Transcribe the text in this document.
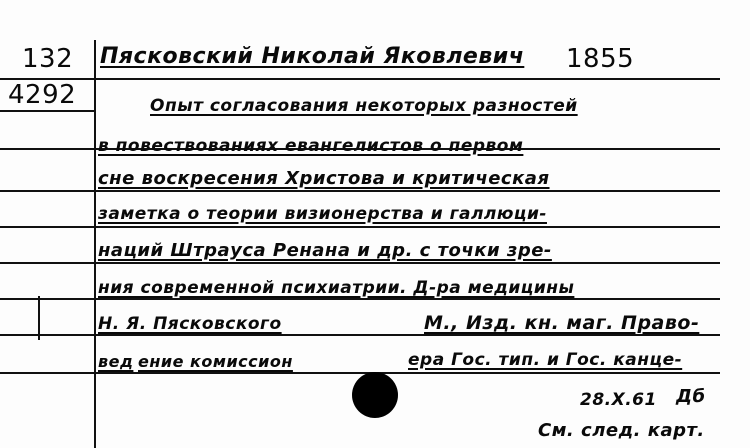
132
4292
Пясковский Николай Яковлевич 1855
Опыт согласования некоторых разностей
в повествованиях евангелистов о первом
сне воскресения Христова и критическая
заметка о теории визионерства и галлюци-
наций Штрауса Ренана и др. с точки зре-
ния современной психиатрии. Д-ра медицины
Н. Я. Пясковского	М., Изд. кн. маг. Право-
вед ение комиссион	ера Гос. тип. и Гос. канце-
28.X.61 Дб
См. след. карт.
